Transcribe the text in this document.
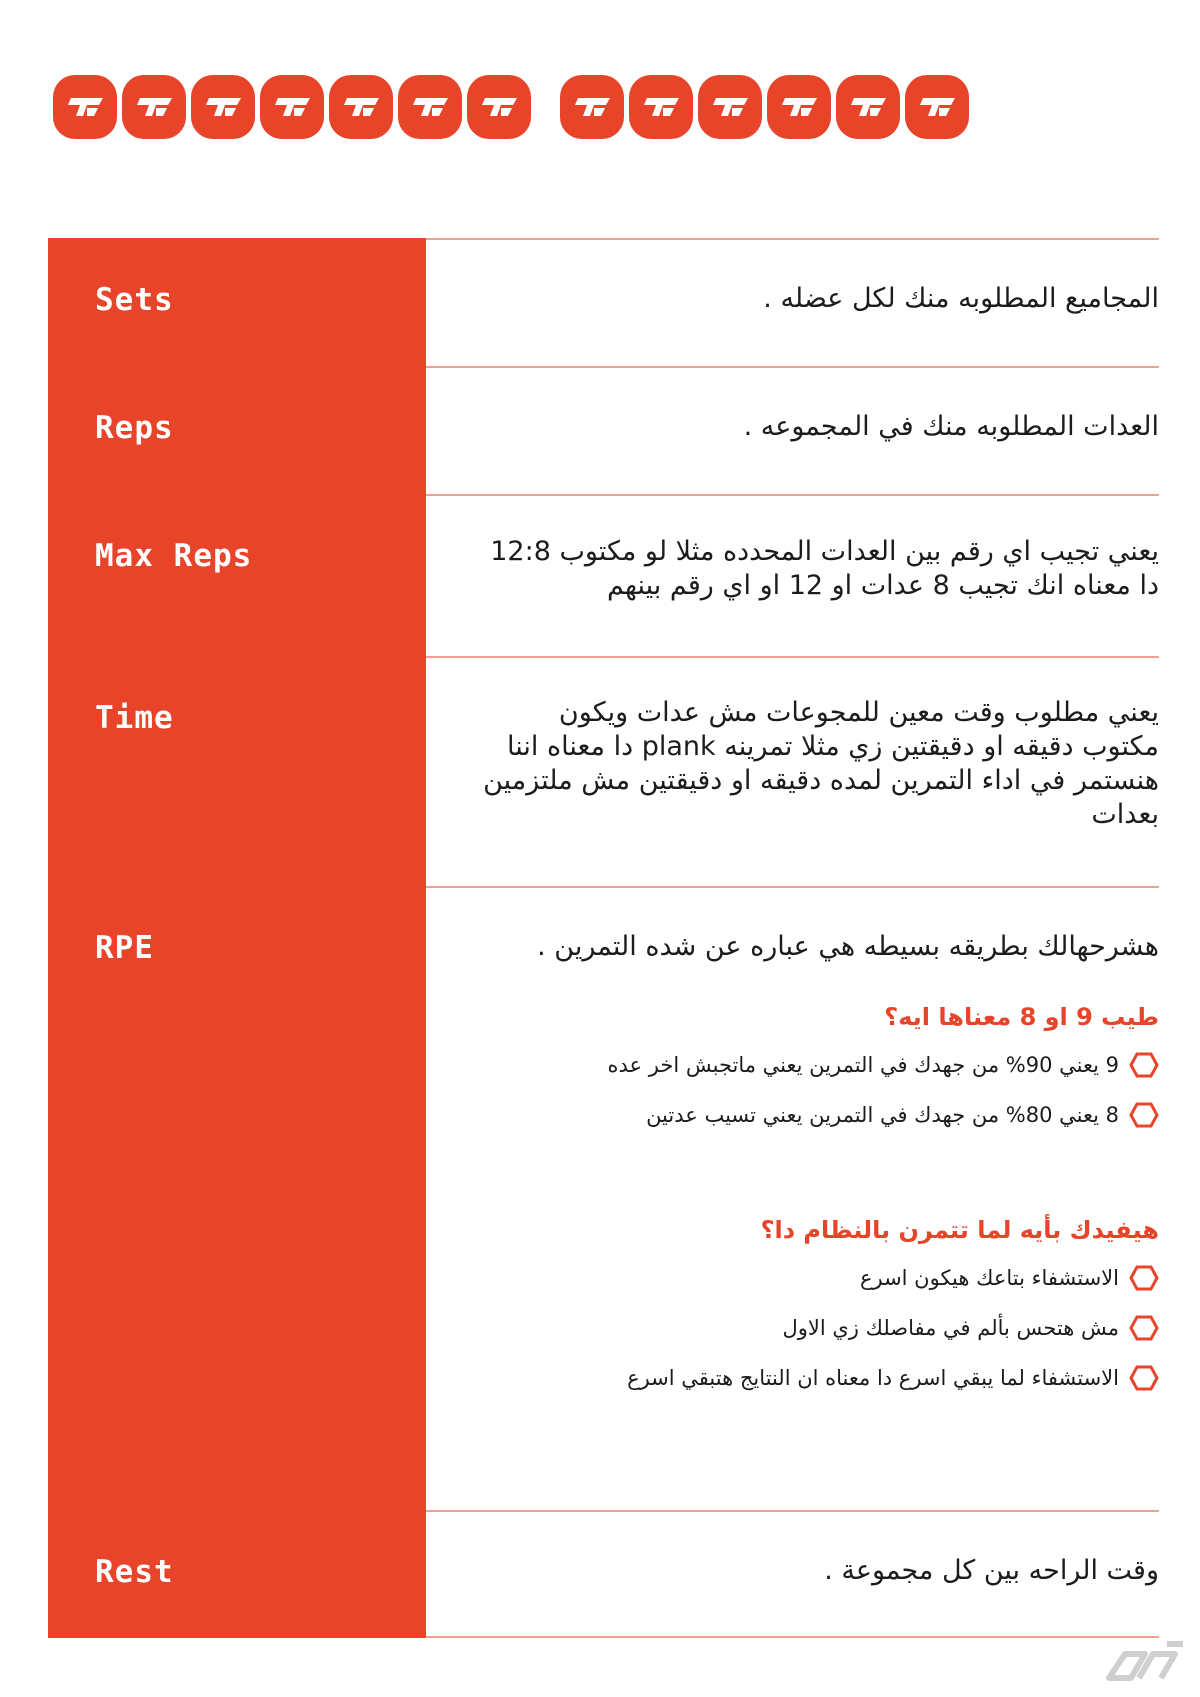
Sets	المجاميع المطلوبه منك لكل عضله .
Reps	العدات المطلوبه منك في المجموعه .
Max Reps	يعني تجيب اي رقم بين العدات المحدده مثلا لو مكتوب 12:8 دا معناه انك تجيب 8 عدات او 12 او اي رقم بينهم
Time	يعني مطلوب وقت معين للمجوعات مش عدات ويكون مكتوب دقيقه او دقيقتين زي مثلا تمرينه plank دا معناه اننا هنستمر في اداء التمرين لمده دقيقه او دقيقتين مش ملتزمين بعدات
RPE	هشرحهالك بطريقه بسيطه هي عباره عن شده التمرين .
طيب 9 او 8 معناها ايه؟
9 يعني 90% من جهدك في التمرين يعني ماتجبش اخر عده
8 يعني 80% من جهدك في التمرين يعني تسيب عدتين
هيفيدك بأيه لما تتمرن بالنظام دا؟
الاستشفاء بتاعك هيكون اسرع
مش هتحس بألم في مفاصلك زي الاول
الاستشفاء لما يبقي اسرع دا معناه ان النتايج هتبقي اسرع
Rest	وقت الراحه بين كل مجموعة .
